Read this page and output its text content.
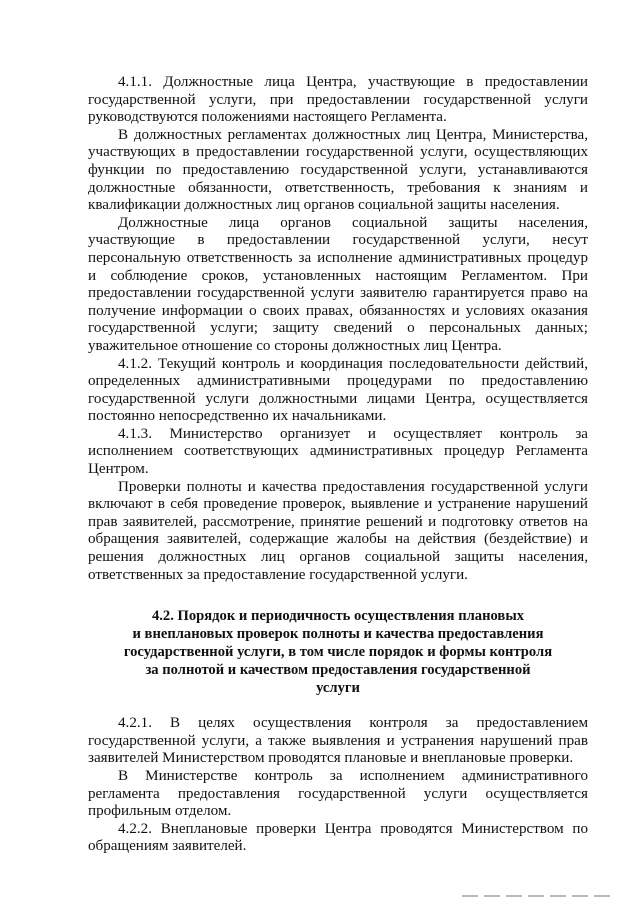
4.1.1. Должностные лица Центра, участвующие в предоставлении государственной услуги, при предоставлении государственной услуги руководствуются положениями настоящего Регламента.

В должностных регламентах должностных лиц Центра, Министерства, участвующих в предоставлении государственной услуги, осуществляющих функции по предоставлению государственной услуги, устанавливаются должностные обязанности, ответственность, требования к знаниям и квалификации должностных лиц органов социальной защиты населения.

Должностные лица органов социальной защиты населения, участвующие в предоставлении государственной услуги, несут персональную ответственность за исполнение административных процедур и соблюдение сроков, установленных настоящим Регламентом. При предоставлении государственной услуги заявителю гарантируется право на получение информации о своих правах, обязанностях и условиях оказания государственной услуги; защиту сведений о персональных данных; уважительное отношение со стороны должностных лиц Центра.

4.1.2. Текущий контроль и координация последовательности действий, определенных административными процедурами по предоставлению государственной услуги должностными лицами Центра, осуществляется постоянно непосредственно их начальниками.

4.1.3. Министерство организует и осуществляет контроль за исполнением соответствующих административных процедур Регламента Центром.

Проверки полноты и качества предоставления государственной услуги включают в себя проведение проверок, выявление и устранение нарушений прав заявителей, рассмотрение, принятие решений и подготовку ответов на обращения заявителей, содержащие жалобы на действия (бездействие) и решения должностных лиц органов социальной защиты населения, ответственных за предоставление государственной услуги.

4.2. Порядок и периодичность осуществления плановых
и внеплановых проверок полноты и качества предоставления
государственной услуги, в том числе порядок и формы контроля
за полнотой и качеством предоставления государственной
услуги

4.2.1. В целях осуществления контроля за предоставлением государственной услуги, а также выявления и устранения нарушений прав заявителей Министерством проводятся плановые и внеплановые проверки.

В Министерстве контроль за исполнением административного регламента предоставления государственной услуги осуществляется профильным отделом.

4.2.2. Внеплановые проверки Центра проводятся Министерством по обращениям заявителей.
